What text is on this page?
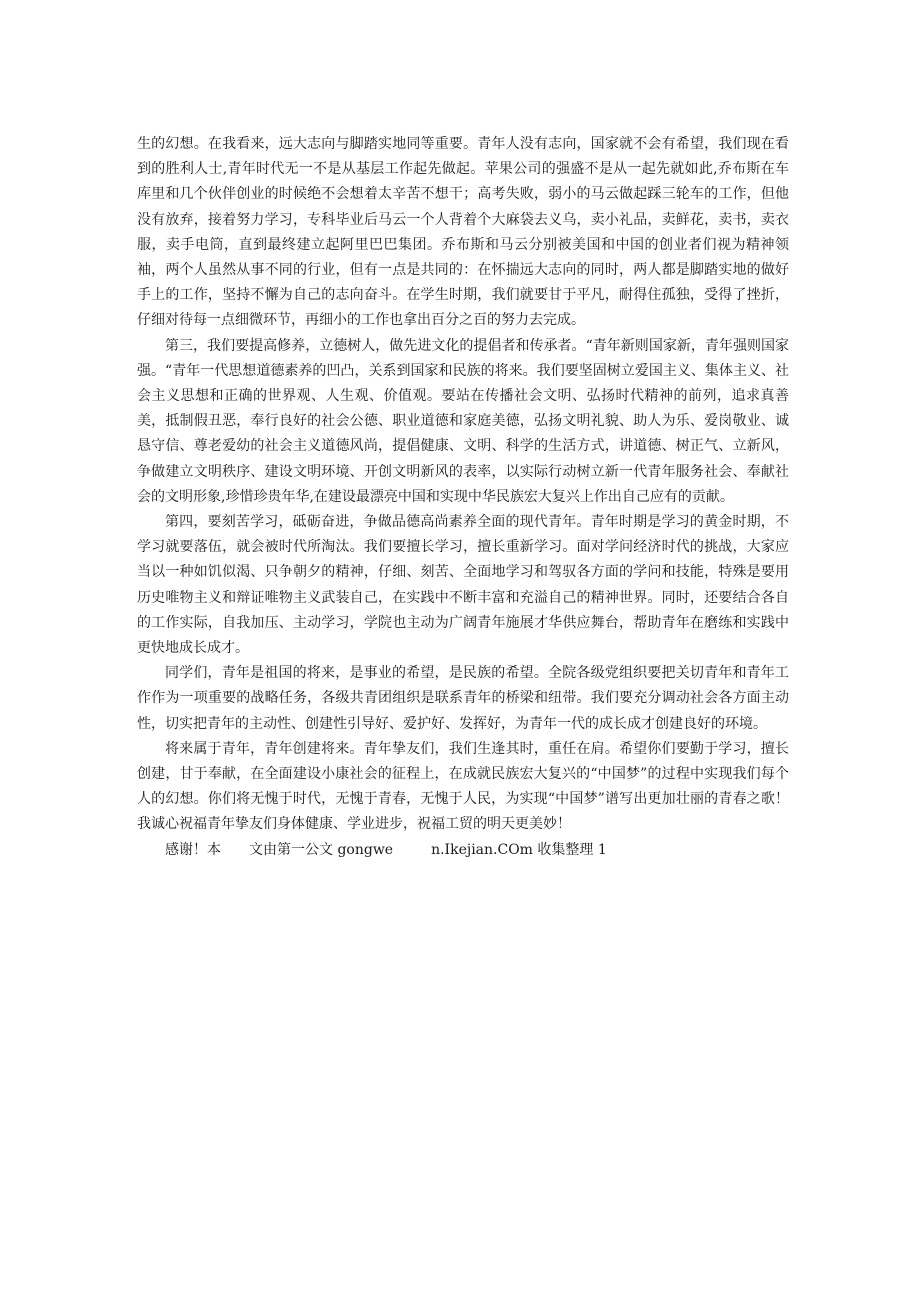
生的幻想。在我看来，远大志向与脚踏实地同等重要。青年人没有志向，国家就不会有希望，我们现在看到的胜利人士,青年时代无一不是从基层工作起先做起。苹果公司的强盛不是从一起先就如此,乔布斯在车库里和几个伙伴创业的时候绝不会想着太辛苦不想干；高考失败，弱小的马云做起踩三轮车的工作，但他没有放弃，接着努力学习，专科毕业后马云一个人背着个大麻袋去义乌，卖小礼品，卖鲜花，卖书，卖衣服，卖手电筒，直到最终建立起阿里巴巴集团。乔布斯和马云分别被美国和中国的创业者们视为精神领袖，两个人虽然从事不同的行业，但有一点是共同的：在怀揣远大志向的同时，两人都是脚踏实地的做好手上的工作，坚持不懈为自己的志向奋斗。在学生时期，我们就要甘于平凡，耐得住孤独，受得了挫折，仔细对待每一点细微环节，再细小的工作也拿出百分之百的努力去完成。

第三，我们要提高修养，立德树人，做先进文化的提倡者和传承者。“青年新则国家新，青年强则国家强。“青年一代思想道德素养的凹凸，关系到国家和民族的将来。我们要坚固树立爱国主义、集体主义、社会主义思想和正确的世界观、人生观、价值观。要站在传播社会文明、弘扬时代精神的前列，追求真善美，抵制假丑恶，奉行良好的社会公德、职业道德和家庭美德，弘扬文明礼貌、助人为乐、爱岗敬业、诚恳守信、尊老爱幼的社会主义道德风尚，提倡健康、文明、科学的生活方式，讲道德、树正气、立新风，争做建立文明秩序、建设文明环境、开创文明新风的表率，以实际行动树立新一代青年服务社会、奉献社会的文明形象,珍惜珍贵年华,在建设最漂亮中国和实现中华民族宏大复兴上作出自己应有的贡献。

第四，要刻苦学习，砥砺奋进，争做品德高尚素养全面的现代青年。青年时期是学习的黄金时期，不学习就要落伍，就会被时代所淘汰。我们要擅长学习，擅长重新学习。面对学问经济时代的挑战，大家应当以一种如饥似渴、只争朝夕的精神，仔细、刻苦、全面地学习和驾驭各方面的学问和技能，特殊是要用历史唯物主义和辩证唯物主义武装自己，在实践中不断丰富和充溢自己的精神世界。同时，还要结合各自的工作实际，自我加压、主动学习，学院也主动为广阔青年施展才华供应舞台，帮助青年在磨练和实践中更快地成长成才。

同学们，青年是祖国的将来，是事业的希望，是民族的希望。全院各级党组织要把关切青年和青年工作作为一项重要的战略任务，各级共青团组织是联系青年的桥梁和纽带。我们要充分调动社会各方面主动性，切实把青年的主动性、创建性引导好、爱护好、发挥好，为青年一代的成长成才创建良好的环境。

将来属于青年，青年创建将来。青年挚友们，我们生逢其时，重任在肩。希望你们要勤于学习，擅长创建，甘于奉献，在全面建设小康社会的征程上，在成就民族宏大复兴的“中国梦”的过程中实现我们每个人的幻想。你们将无愧于时代，无愧于青春，无愧于人民，为实现“中国梦”谱写出更加壮丽的青春之歌！我诚心祝福青年挚友们身体健康、学业进步，祝福工贸的明天更美妙！

感谢！本 文由第一公文 gongwe	n.Ikejian.COm 收集整理 1
